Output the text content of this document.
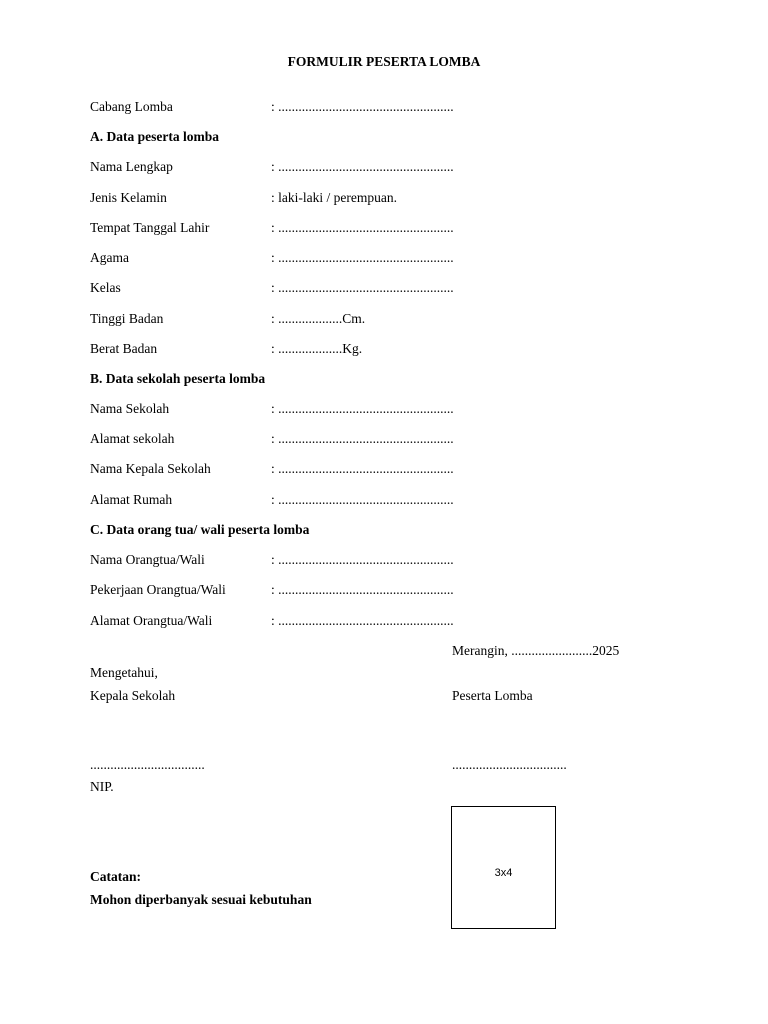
FORMULIR PESERTA LOMBA
Cabang Lomba	: ....................................................
A. Data peserta lomba
Nama Lengkap	: ....................................................
Jenis Kelamin	: laki-laki / perempuan.
Tempat Tanggal Lahir	: ....................................................
Agama	: ....................................................
Kelas	: ....................................................
Tinggi Badan	: ...................Cm.
Berat Badan	: ...................Kg.
B. Data sekolah peserta lomba
Nama Sekolah	: ....................................................
Alamat sekolah	: ....................................................
Nama Kepala Sekolah	: ....................................................
Alamat Rumah	: ....................................................
C. Data orang tua/ wali peserta lomba
Nama Orangtua/Wali	: ....................................................
Pekerjaan Orangtua/Wali	: ....................................................
Alamat Orangtua/Wali	: ....................................................
Merangin, ........................2025
Mengetahui,
Kepala Sekolah	Peserta Lomba
..................................	..................................
NIP.
3x4
Catatan:
Mohon diperbanyak sesuai kebutuhan
